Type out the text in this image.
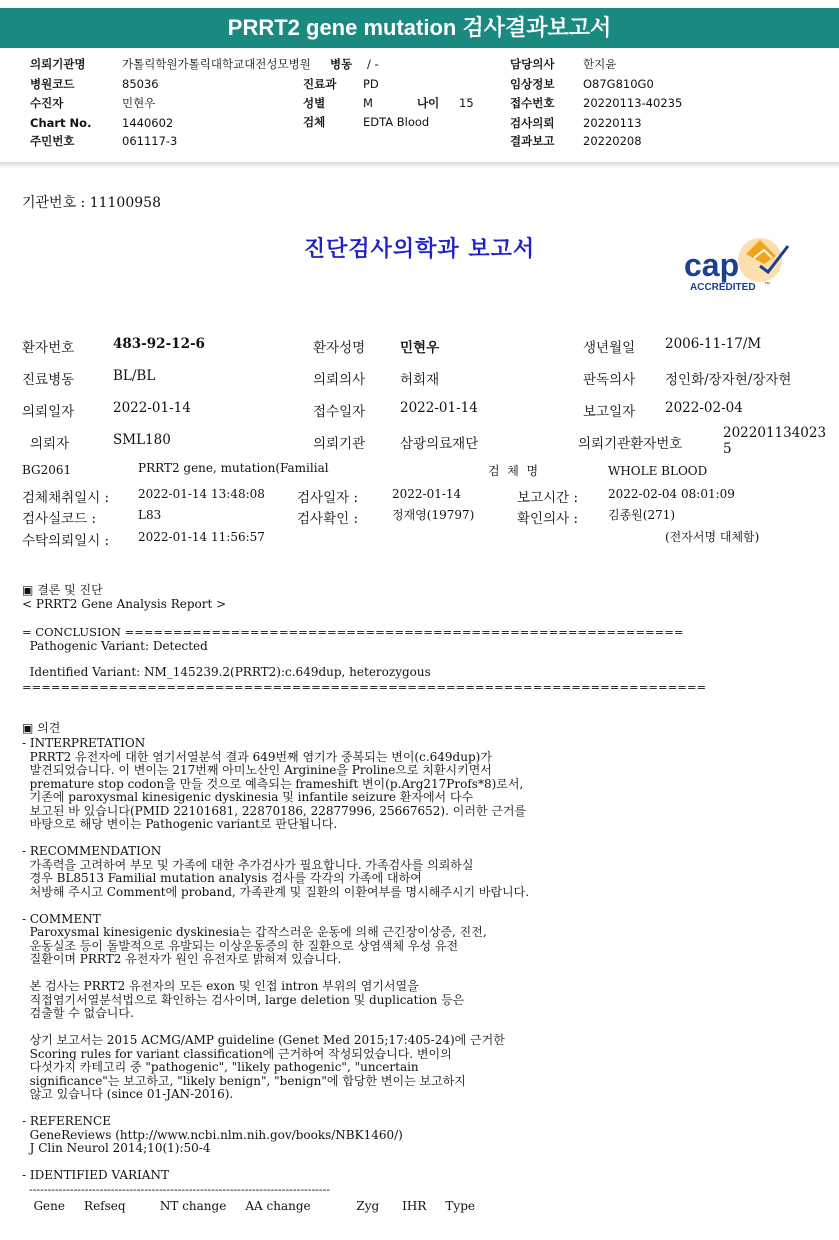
PRRT2 gene mutation 검사결과보고서
의뢰기관명	가톨릭학원가톨릭대학교대전성모병원 병동 / -	담당의사 한지윤
병원코드	85036	진료과 PD	임상정보 O87G810G0
수진자	민현우	성별	M	나이 15	접수번호 20220113-40235
Chart No.	1440602	검체	EDTA Blood	검사의뢰 20220113
주민번호	061117-3	결과보고 20220208
기관번호 : 11100958
진단검사의학과 보고서	cap
ACCREDITED ™
환자번호	483-92-12-6	환자성명	민현우	생년월일 2006-11-17/M
진료병동	BL/BL	의뢰의사	허회재	판독의사 정인화/장자현/장자현
의뢰일자	2022-01-14	접수일자	2022-01-14	보고일자 2022-02-04
의뢰자	SML180	의뢰기관	삼광의료재단	의뢰기관환자번호
202201134023
5
BG2061	PRRT2 gene, mutation(Familial	검  체  명	WHOLE BLOOD
검체채취일시 : 2022-01-14 13:48:08 검사일자 :	2022-01-14	보고시간 : 2022-02-04 08:01:09
검사실코드 :	L83	검사확인 :	정재영(19797)	확인의사 : 김종원(271)
수탁의뢰일시 : 2022-01-14 11:56:57	(전자서명 대체함)
▣ 결론 및 진단
< PRRT2 Gene Analysis Report >
= CONCLUSION ==========================================================
Pathogenic Variant: Detected
Identified Variant: NM_145239.2(PRRT2):c.649dup, heterozygous
=======================================================================
▣ 의견
- INTERPRETATION
PRRT2 유전자에 대한 염기서열분석 결과 649번째 염기가 중복되는 변이(c.649dup)가
발견되었습니다. 이 변이는 217번째 아미노산인 Arginine을 Proline으로 치환시키면서
premature stop codon을 만들 것으로 예측되는 frameshift 변이(p.Arg217Profs*8)로서,
기존에 paroxysmal kinesigenic dyskinesia 및 infantile seizure 환자에서 다수
보고된 바 있습니다(PMID 22101681, 22870186, 22877996, 25667652). 이러한 근거를
바탕으로 해당 변이는 Pathogenic variant로 판단됩니다.
- RECOMMENDATION
가족력을 고려하여 부모 및 가족에 대한 추가검사가 필요합니다. 가족검사를 의뢰하실
경우 BL8513 Familial mutation analysis 검사를 각각의 가족에 대하여
처방해 주시고 Comment에 proband, 가족관계 및 질환의 이환여부를 명시해주시기 바랍니다.
- COMMENT
Paroxysmal kinesigenic dyskinesia는 갑작스러운 운동에 의해 근긴장이상증, 진전,
운동실조 등이 돌발적으로 유발되는 이상운동증의 한 질환으로 상염색체 우성 유전
질환이며 PRRT2 유전자가 원인 유전자로 밝혀져 있습니다.
본 검사는 PRRT2 유전자의 모든 exon 및 인접 intron 부위의 염기서열을
직접염기서열분석법으로 확인하는 검사이며, large deletion 및 duplication 등은
검출할 수 없습니다.
상기 보고서는 2015 ACMG/AMP guideline (Genet Med 2015;17:405-24)에 근거한
Scoring rules for variant classification에 근거하여 작성되었습니다. 변이의
다섯가지 카테고리 중 "pathogenic", "likely pathogenic", "uncertain
significance"는 보고하고, "likely benign", "benign"에 합당한 변이는 보고하지
않고 있습니다 (since 01-JAN-2016).
- REFERENCE
GeneReviews (http://www.ncbi.nlm.nih.gov/books/NBK1460/)
J Clin Neurol 2014;10(1):50-4
- IDENTIFIED VARIANT
---------------------------------------------------------------------------------
Gene     Refseq         NT change     AA change            Zyg      IHR     Type
